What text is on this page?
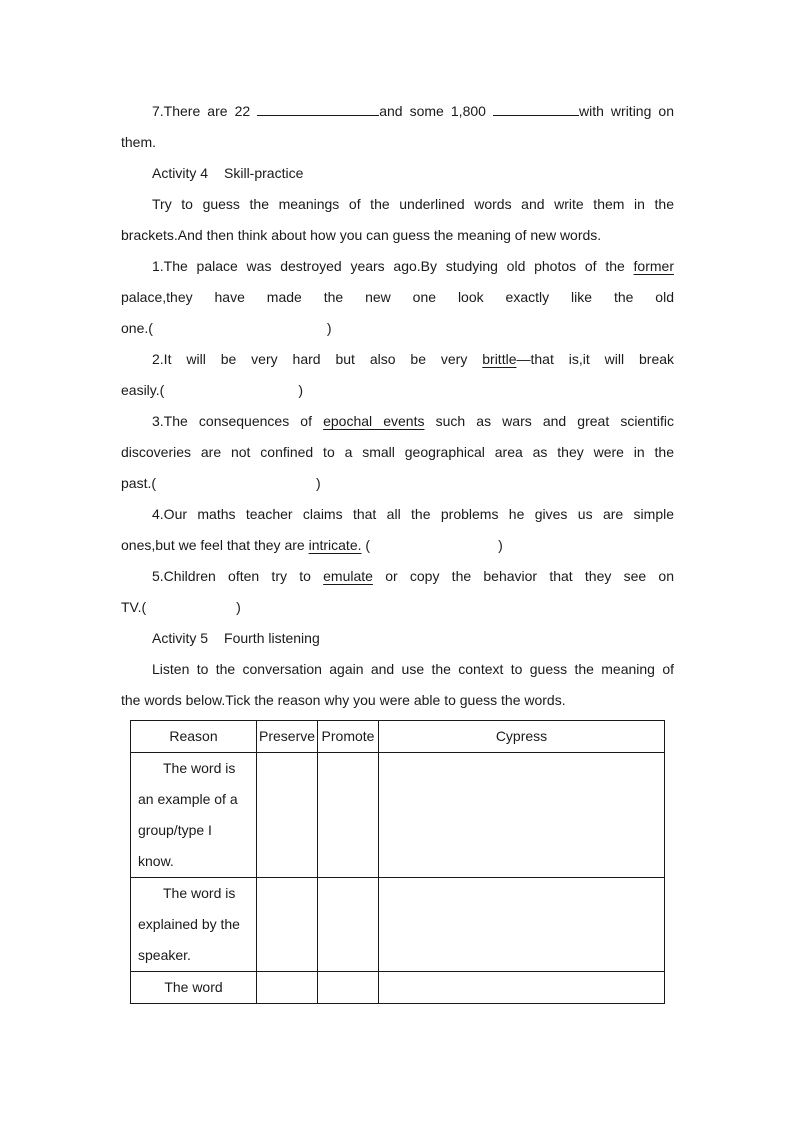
7.There are 22	and some 1,800	with writing on

them.

Activity 4 Skill-practice

Try to guess the meanings of the underlined words and write them in the

brackets.And then think about how you can guess the meaning of new words.

1.The palace was destroyed years ago.By studying old photos of the former

palace,they have made the new one look exactly like the old

one.(	)

2.It will be very hard but also be very brittle—that is,it will break

easily.(	)

3.The consequences of epochal events such as wars and great scientific

discoveries are not confined to a small geographical area as they were in the

past.(	)

4.Our maths teacher claims that all the problems he gives us are simple

ones,but we feel that they are intricate. (	)

5.Children often try to emulate or copy the behavior that they see on

TV.(	)

Activity 5 Fourth listening

Listen to the conversation again and use the context to guess the meaning of

the words below.Tick the reason why you were able to guess the words.

Reason	Preserve	Promote	Cypress
The word is an example of a group/type I know.			
The word is explained by the speaker.			
The word			
